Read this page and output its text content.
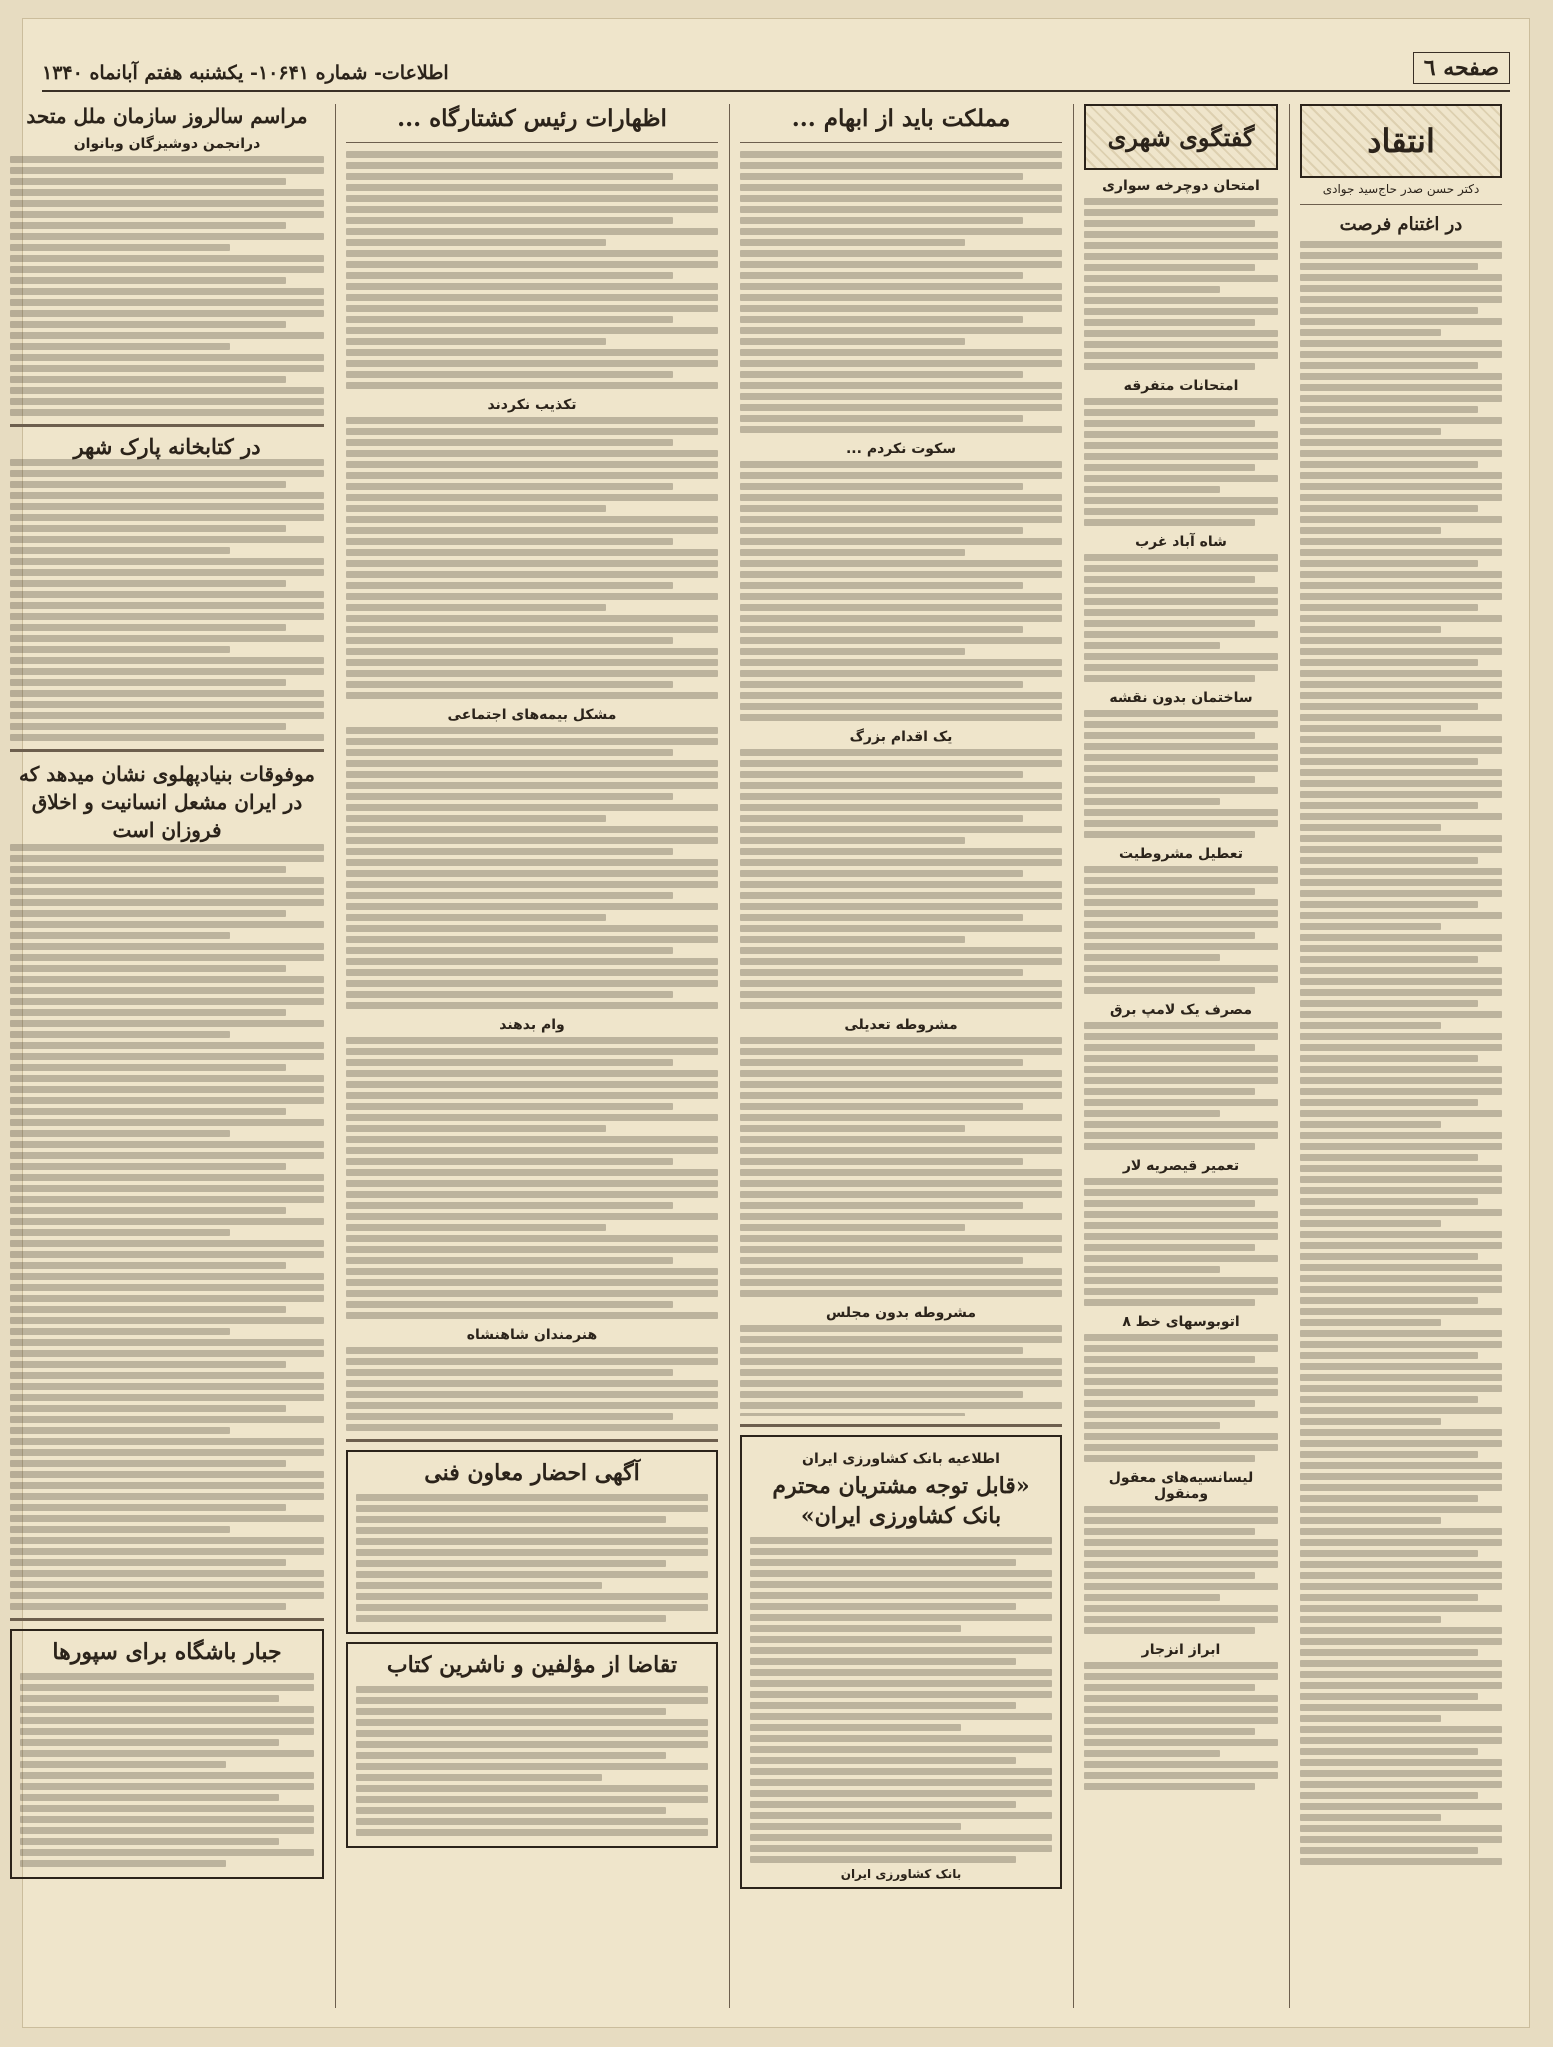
صفحه ٦
اطلاعات- شماره ۱۰۶۴۱- یکشنبه هفتم آبانماه ۱۳۴۰
انتقاد
دکتر حسن صدر حاج‌سید جوادی
در اغتنام فرصت
گفتگوی شهری
امتحان دوچرخه سواری
امتحانات متفرقه
شاه آباد غرب
ساختمان بدون نقشه
تعطیل مشروطیت
مصرف یک لامپ برق
تعمیر قیصریه لار
اتوبوسهای خط ۸
لیسانسیه‌های معقول ومنقول
ابراز انزجار
مملکت باید از ابهام ...
سکوت نکردم ...
یک اقدام بزرگ
مشروطه تعدیلی
مشروطه بدون مجلس
اطلاعیه بانک کشاورزی ایران
«قابل توجه مشتریان محترم بانک کشاورزی ایران»
بانک کشاورزی ایران
اظهارات رئیس کشتارگاه ...
تکذیب نکردند
مشکل بیمه‌های اجتماعی
وام بدهند
هنرمندان شاهنشاه
آگهی احضار معاون فنی
تقاضا از مؤلفین و ناشرین کتاب
مراسم سالروز سازمان ملل متحد
درانجمن دوشیزگان وبانوان
در کتابخانه پارک شهر
موفوقات بنیادپهلوی نشان میدهد که در ایران مشعل انسانیت و اخلاق فروزان است
جبار باشگاه برای سپورها
